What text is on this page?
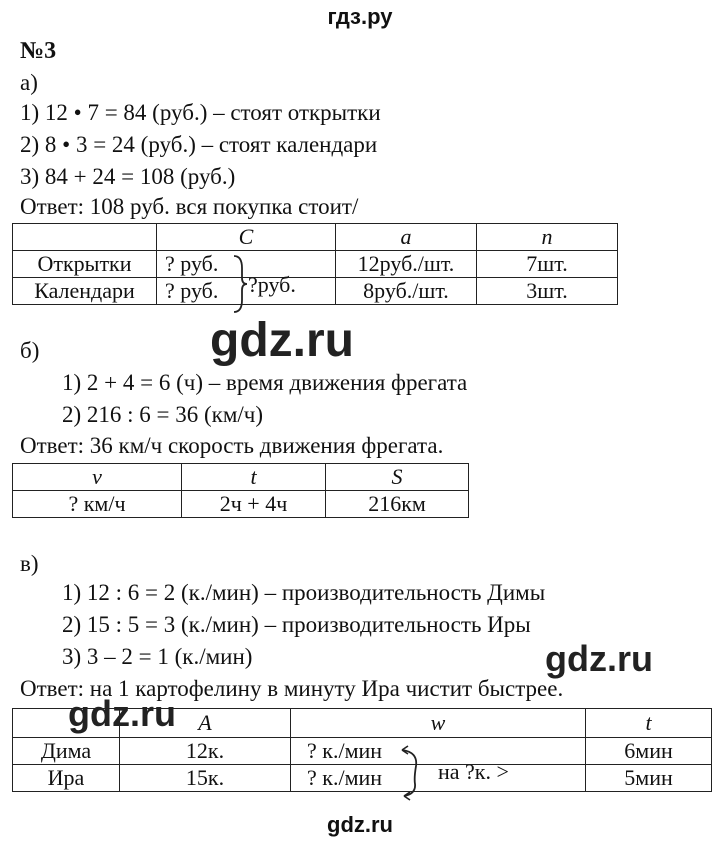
гдз.ру
№3
а)
1) 12 • 7 = 84 (руб.) – стоят открытки
2) 8 • 3 = 24 (руб.) – стоят календари
3) 84 + 24 = 108 (руб.)
Ответ: 108 руб. вся покупка стоит/
	C	a	n
Открытки	? руб.	12руб./шт.	7шт.
Календари	? руб.	8руб./шт.	3шт.
?руб.
gdz.ru
б)
1) 2 + 4 = 6 (ч) – время движения фрегата
2) 216 : 6 = 36 (км/ч)
Ответ: 36 км/ч скорость движения фрегата.
v	t	S
? км/ч	2ч + 4ч	216км
в)
1) 12 : 6 = 2 (к./мин) – производительность Димы
2) 15 : 5 = 3 (к./мин) – производительность Иры
3) 3 – 2 = 1 (к./мин)	gdz.ru
Ответ: на 1 картофелину в минуту Ира чистит быстрее.
	A	w	t
Дима	12к.	? к./мин	6мин
Ира	15к.	? к./мин	5мин
на ?к. >
gdz.ru
gdz.ru
